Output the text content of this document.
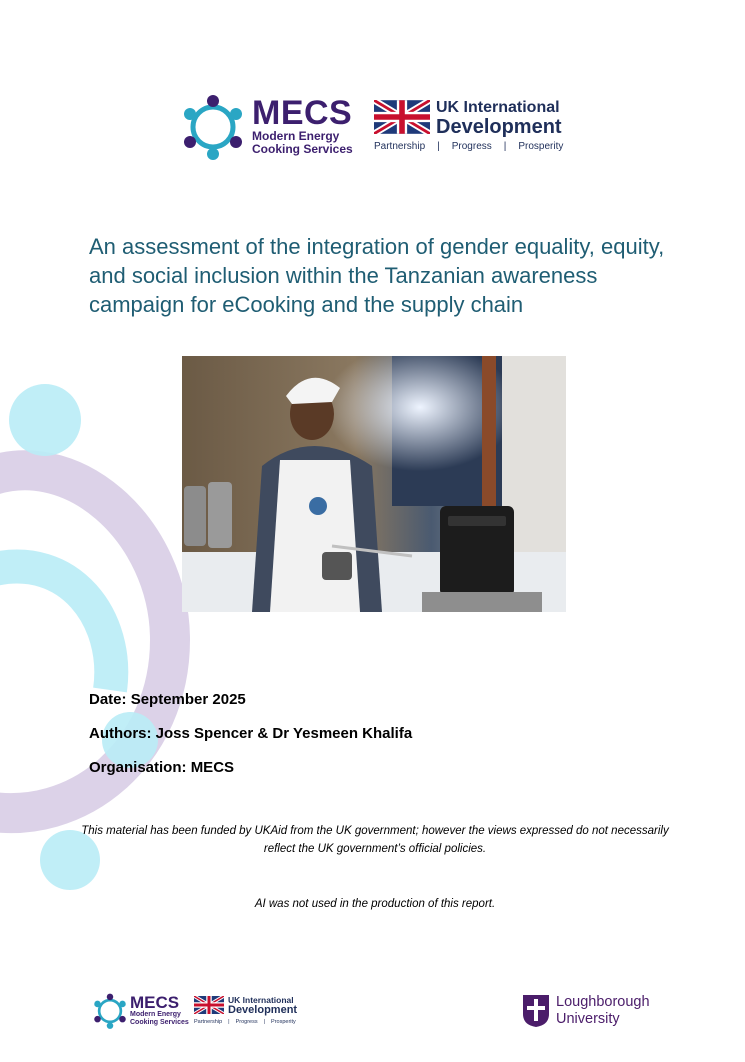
MECS
Modern Energy
Cooking Services
UK International
Development
Partnership | Progress | Prosperity
An assessment of the integration of gender equality, equity, and social inclusion within the Tanzanian awareness campaign for eCooking and the supply chain
Date: September 2025
Authors: Joss Spencer & Dr Yesmeen Khalifa
Organisation: MECS
This material has been funded by UKAid from the UK government; however the views expressed do not necessarily reflect the UK government’s official policies.
AI was not used in the production of this report.
MECS
Modern Energy
Cooking Services
UK International
Development
Partnership | Progress | Prosperity
Loughborough
University
